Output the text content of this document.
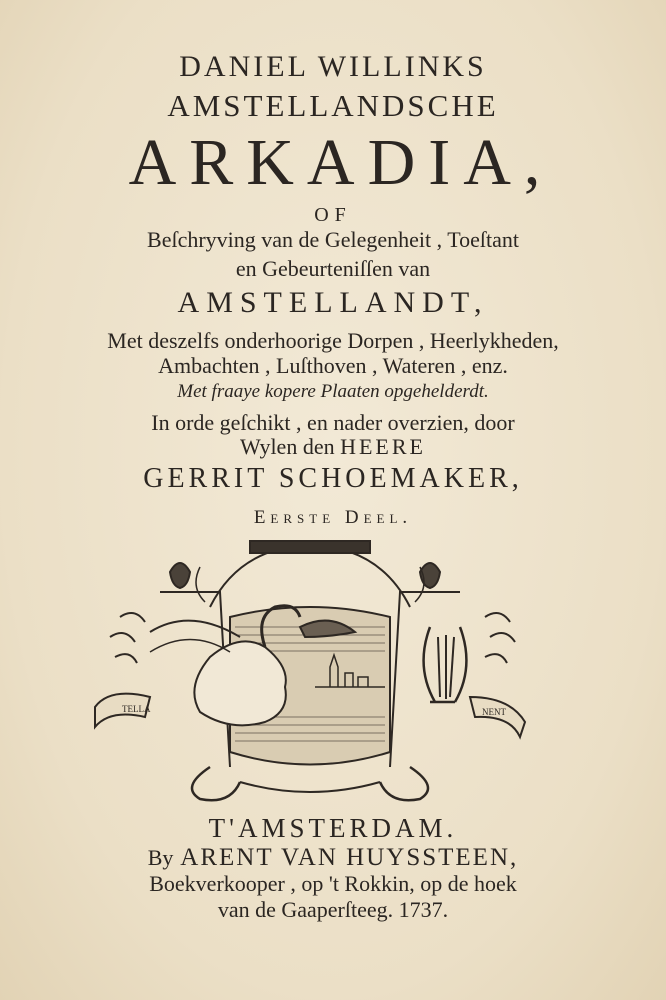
DANIEL WILLINKS
AMSTELLANDSCHE
ARKADIA,
OF
Beſchryving van de Gelegenheit , Toeſtant
en Gebeurteniſſen van
AMSTELLANDT,
Met deszelfs onderhoorige Dorpen , Heerlykheden,
Ambachten , Luſthoven , Wateren , enz.
Met fraaye kopere Plaaten opgehelderdt.
In orde geſchikt , en nader overzien, door
Wylen den HEERE
GERRIT SCHOEMAKER,
Eerste Deel.
TELLA	NENT
T'AMSTERDAM.
By ARENT VAN HUYSSTEEN,
Boekverkooper , op 't Rokkin, op de hoek
van de Gaaperſteeg. 1737.
